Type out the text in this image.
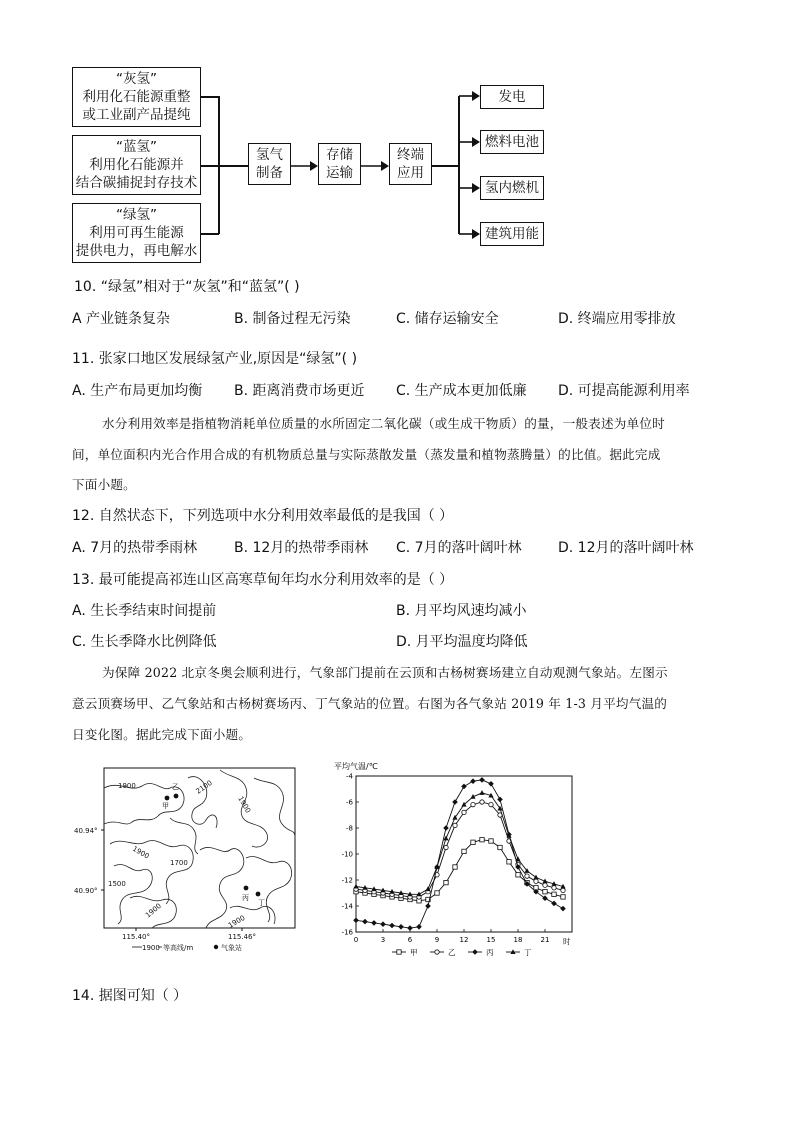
“灰氢”
利用化石能源重整
或工业副产品提纯
“蓝氢”
利用化石能源并
结合碳捕捉封存技术
“绿氢”
利用可再生能源
提供电力，再电解水
氢气
制备
存储
运输
终端
应用
发电
燃料电池
氢内燃机
建筑用能
10. “绿氢”相对于“灰氢”和“蓝氢”( )
A 产业链条复杂	B. 制备过程无污染	C. 储存运输安全	D. 终端应用零排放
11. 张家口地区发展绿氢产业,原因是“绿氢”( )
A. 生产布局更加均衡 B. 距离消费市场更近 C. 生产成本更加低廉 D. 可提高能源利用率
水分利用效率是指植物消耗单位质量的水所固定二氧化碳（或生成干物质）的量，一般表述为单位时
间，单位面积内光合作用合成的有机物质总量与实际蒸散发量（蒸发量和植物蒸腾量）的比值。据此完成
下面小题。
12. 自然状态下，下列选项中水分利用效率最低的是我国（ ）
A. 7月的热带季雨林	B. 12月的热带季雨林 C. 7月的落叶阔叶林	D. 12月的落叶阔叶林
13. 最可能提高祁连山区高寒草甸年均水分利用效率的是（ ）
A. 生长季结束时间提前	B. 月平均风速均减小
C. 生长季降水比例降低	D. 月平均温度均降低
为保障 2022 北京冬奥会顺利进行，气象部门提前在云顶和古杨树赛场建立自动观测气象站。左图示
意云顶赛场甲、乙气象站和古杨树赛场丙、丁气象站的位置。右图为各气象站 2019 年 1-3 月平均气温的
日变化图。据此完成下面小题。
1900	2100
1900
1900
1700
1500
1900
1900
甲
乙
丙
丁
40.94°
40.90°
115.40°	115.46°
1900 等高线/m	气象站
平均气温/℃
-4
-6
-8
-10
-12
-14
-16
0	3	6	9	12	15	18	21 时
甲	乙	丙	丁
14. 据图可知（ ）
